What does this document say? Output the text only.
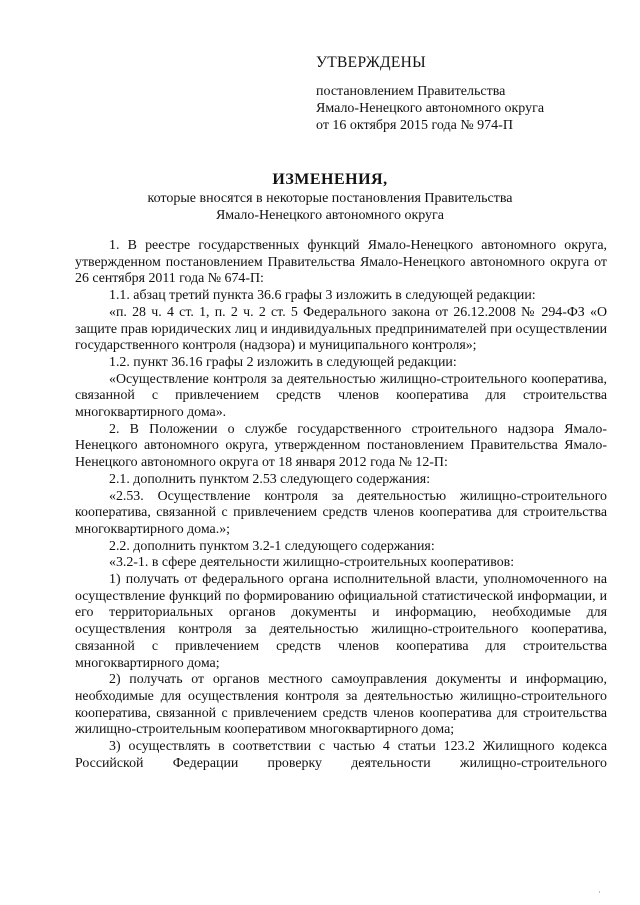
УТВЕРЖДЕНЫ
постановлением Правительства
Ямало-Ненецкого автономного округа
от 16 октября 2015 года № 974-П
ИЗМЕНЕНИЯ,
которые вносятся в некоторые постановления Правительства
Ямало-Ненецкого автономного округа

1. В реестре государственных функций Ямало-Ненецкого автономного округа, утвержденном постановлением Правительства Ямало-Ненецкого автономного округа от 26 сентября 2011 года № 674-П:

1.1. абзац третий пункта 36.6 графы 3 изложить в следующей редакции:

«п. 28 ч. 4 ст. 1, п. 2 ч. 2 ст. 5 Федерального закона от 26.12.2008 № 294-ФЗ «О защите прав юридических лиц и индивидуальных предпринимателей при осуществлении государственного контроля (надзора) и муниципального контроля»;

1.2. пункт 36.16 графы 2 изложить в следующей редакции:

«Осуществление контроля за деятельностью жилищно-строительного кооператива, связанной с привлечением средств членов кооператива для строительства многоквартирного дома».

2. В Положении о службе государственного строительного надзора Ямало-Ненецкого автономного округа, утвержденном постановлением Правительства Ямало-Ненецкого автономного округа от 18 января 2012 года № 12-П:

2.1. дополнить пунктом 2.53 следующего содержания:

«2.53. Осуществление контроля за деятельностью жилищно-строительного кооператива, связанной с привлечением средств членов кооператива для строительства многоквартирного дома.»;

2.2. дополнить пунктом 3.2-1 следующего содержания:

«3.2-1. в сфере деятельности жилищно-строительных кооперативов:

1) получать от федерального органа исполнительной власти, уполномоченного на осуществление функций по формированию официальной статистической информации, и его территориальных органов документы и информацию, необходимые для осуществления контроля за деятельностью жилищно-строительного кооператива, связанной с привлечением средств членов кооператива для строительства многоквартирного дома;

2) получать от органов местного самоуправления документы и информацию, необходимые для осуществления контроля за деятельностью жилищно-строительного кооператива, связанной с привлечением средств членов кооператива для строительства жилищно-строительным кооперативом многоквартирного дома;

3) осуществлять в соответствии с частью 4 статьи 123.2 Жилищного кодекса Российской Федерации проверку деятельности жилищно-строительного

·
